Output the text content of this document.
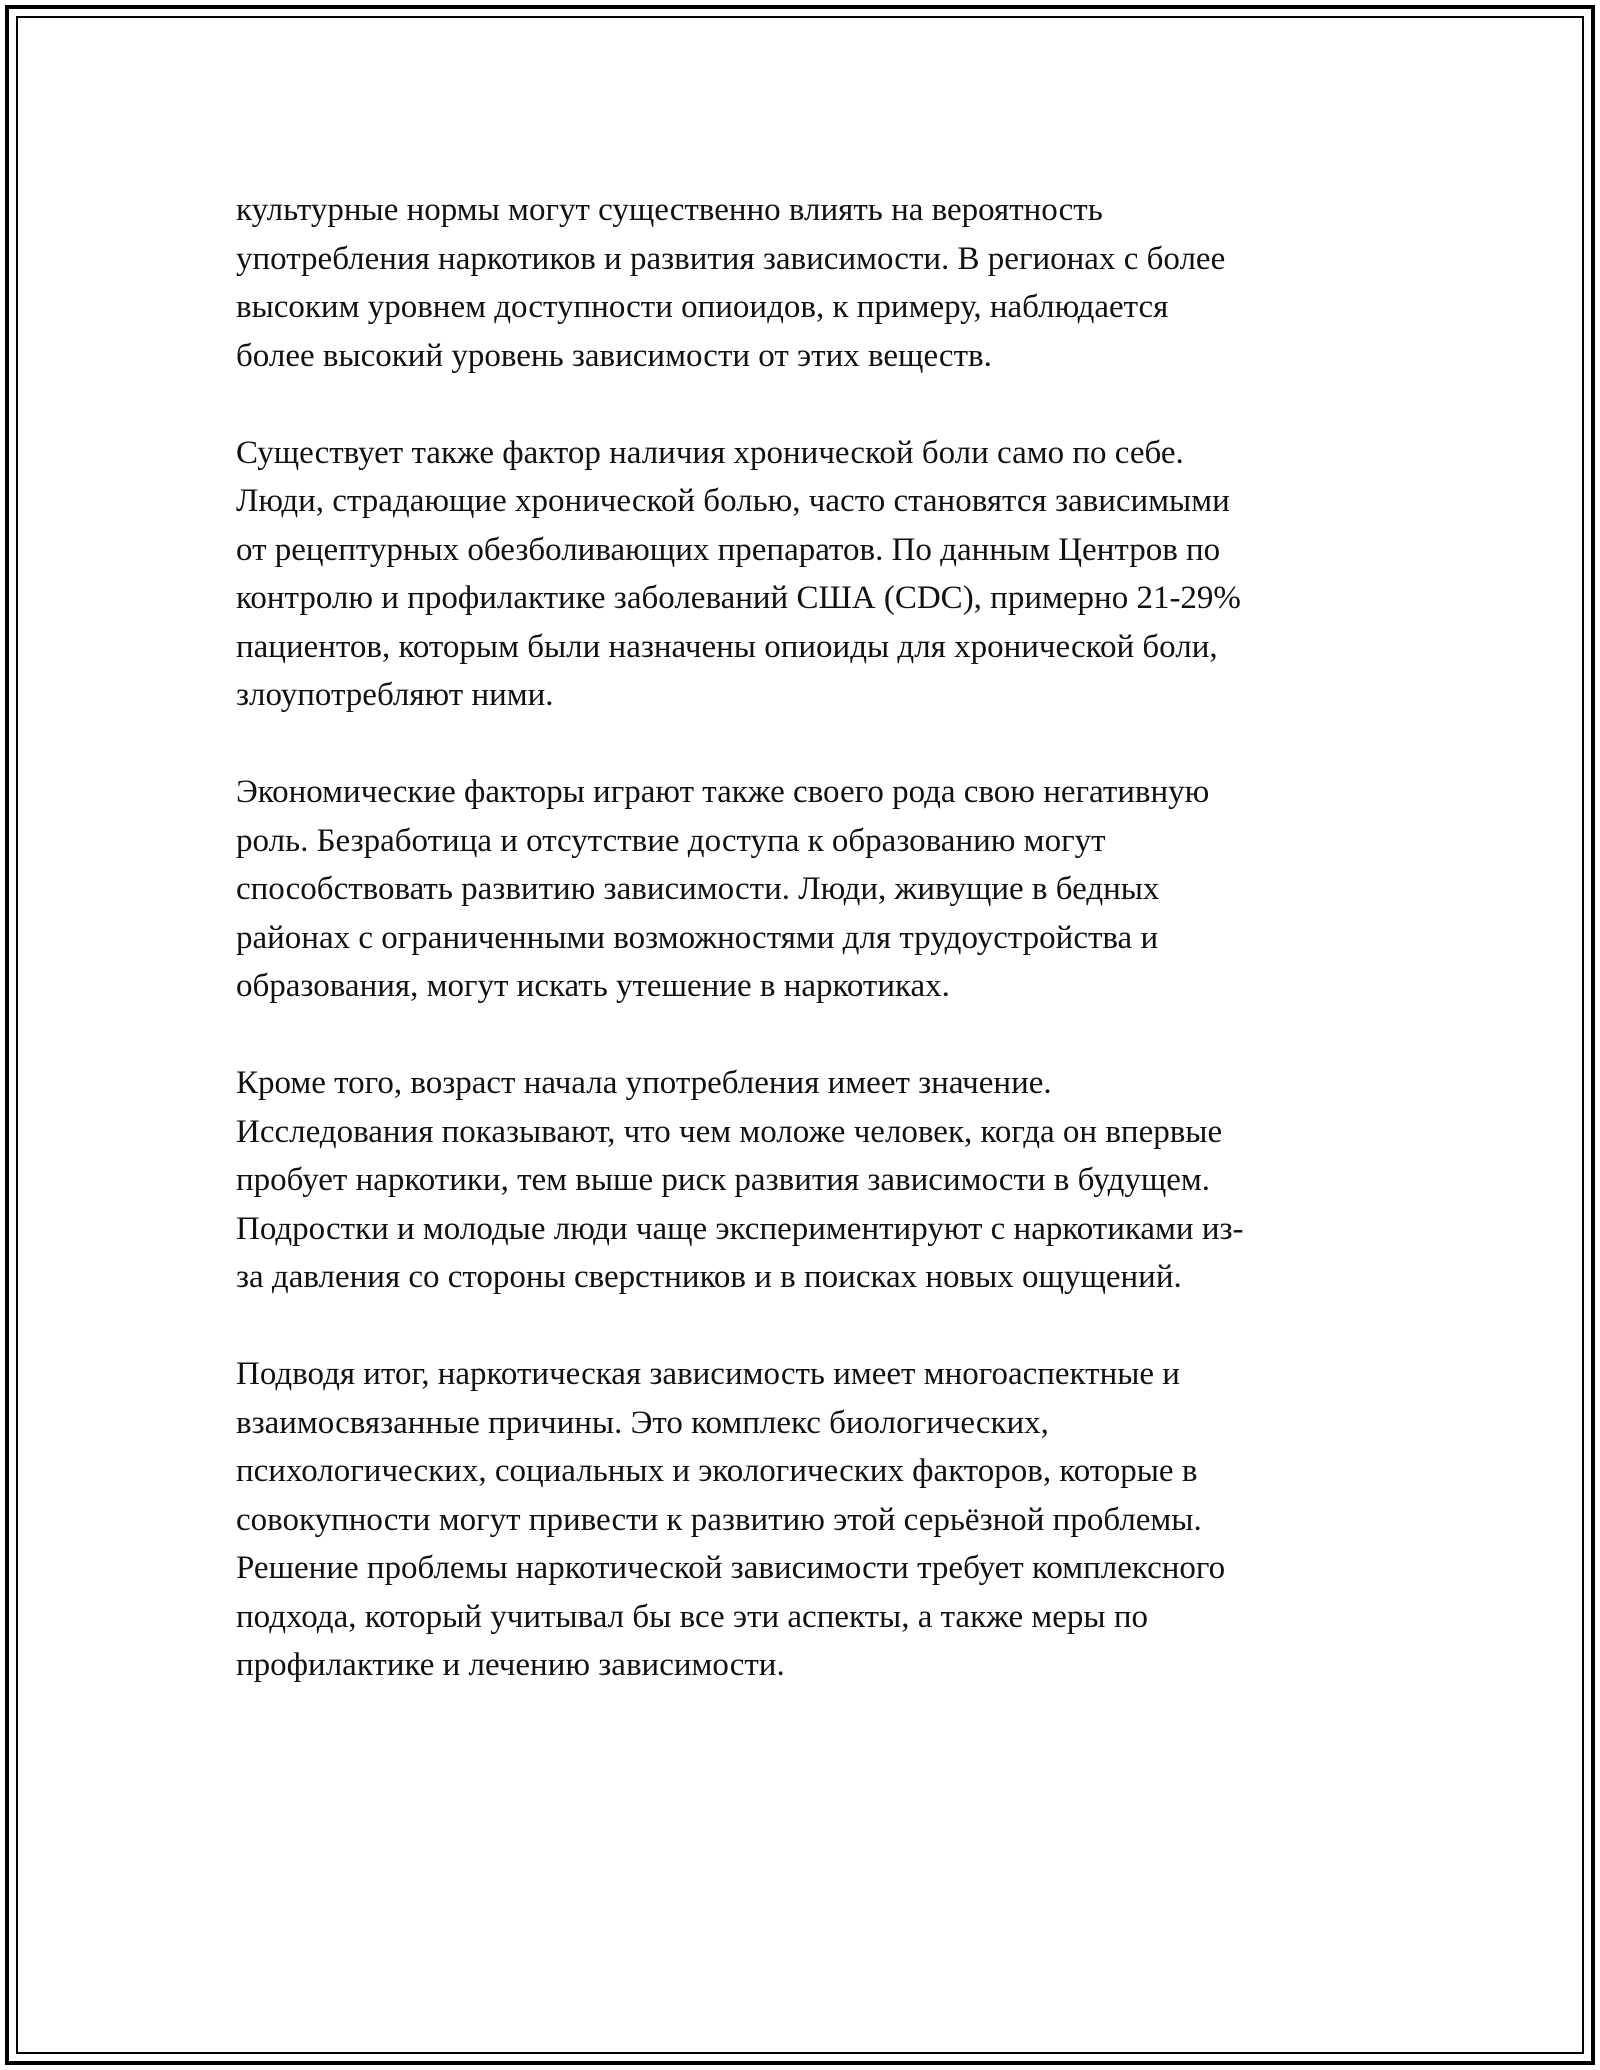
культурные нормы могут существенно влиять на вероятность
употребления наркотиков и развития зависимости. В регионах с более
высоким уровнем доступности опиоидов, к примеру, наблюдается
более высокий уровень зависимости от этих веществ.

Существует также фактор наличия хронической боли само по себе.
Люди, страдающие хронической болью, часто становятся зависимыми
от рецептурных обезболивающих препаратов. По данным Центров по
контролю и профилактике заболеваний США (CDC), примерно 21-29%
пациентов, которым были назначены опиоиды для хронической боли,
злоупотребляют ними.

Экономические факторы играют также своего рода свою негативную
роль. Безработица и отсутствие доступа к образованию могут
способствовать развитию зависимости. Люди, живущие в бедных
районах с ограниченными возможностями для трудоустройства и
образования, могут искать утешение в наркотиках.

Кроме того, возраст начала употребления имеет значение.
Исследования показывают, что чем моложе человек, когда он впервые
пробует наркотики, тем выше риск развития зависимости в будущем.
Подростки и молодые люди чаще экспериментируют с наркотиками из-
за давления со стороны сверстников и в поисках новых ощущений.

Подводя итог, наркотическая зависимость имеет многоаспектные и
взаимосвязанные причины. Это комплекс биологических,
психологических, социальных и экологических факторов, которые в
совокупности могут привести к развитию этой серьёзной проблемы.
Решение проблемы наркотической зависимости требует комплексного
подхода, который учитывал бы все эти аспекты, а также меры по
профилактике и лечению зависимости.
